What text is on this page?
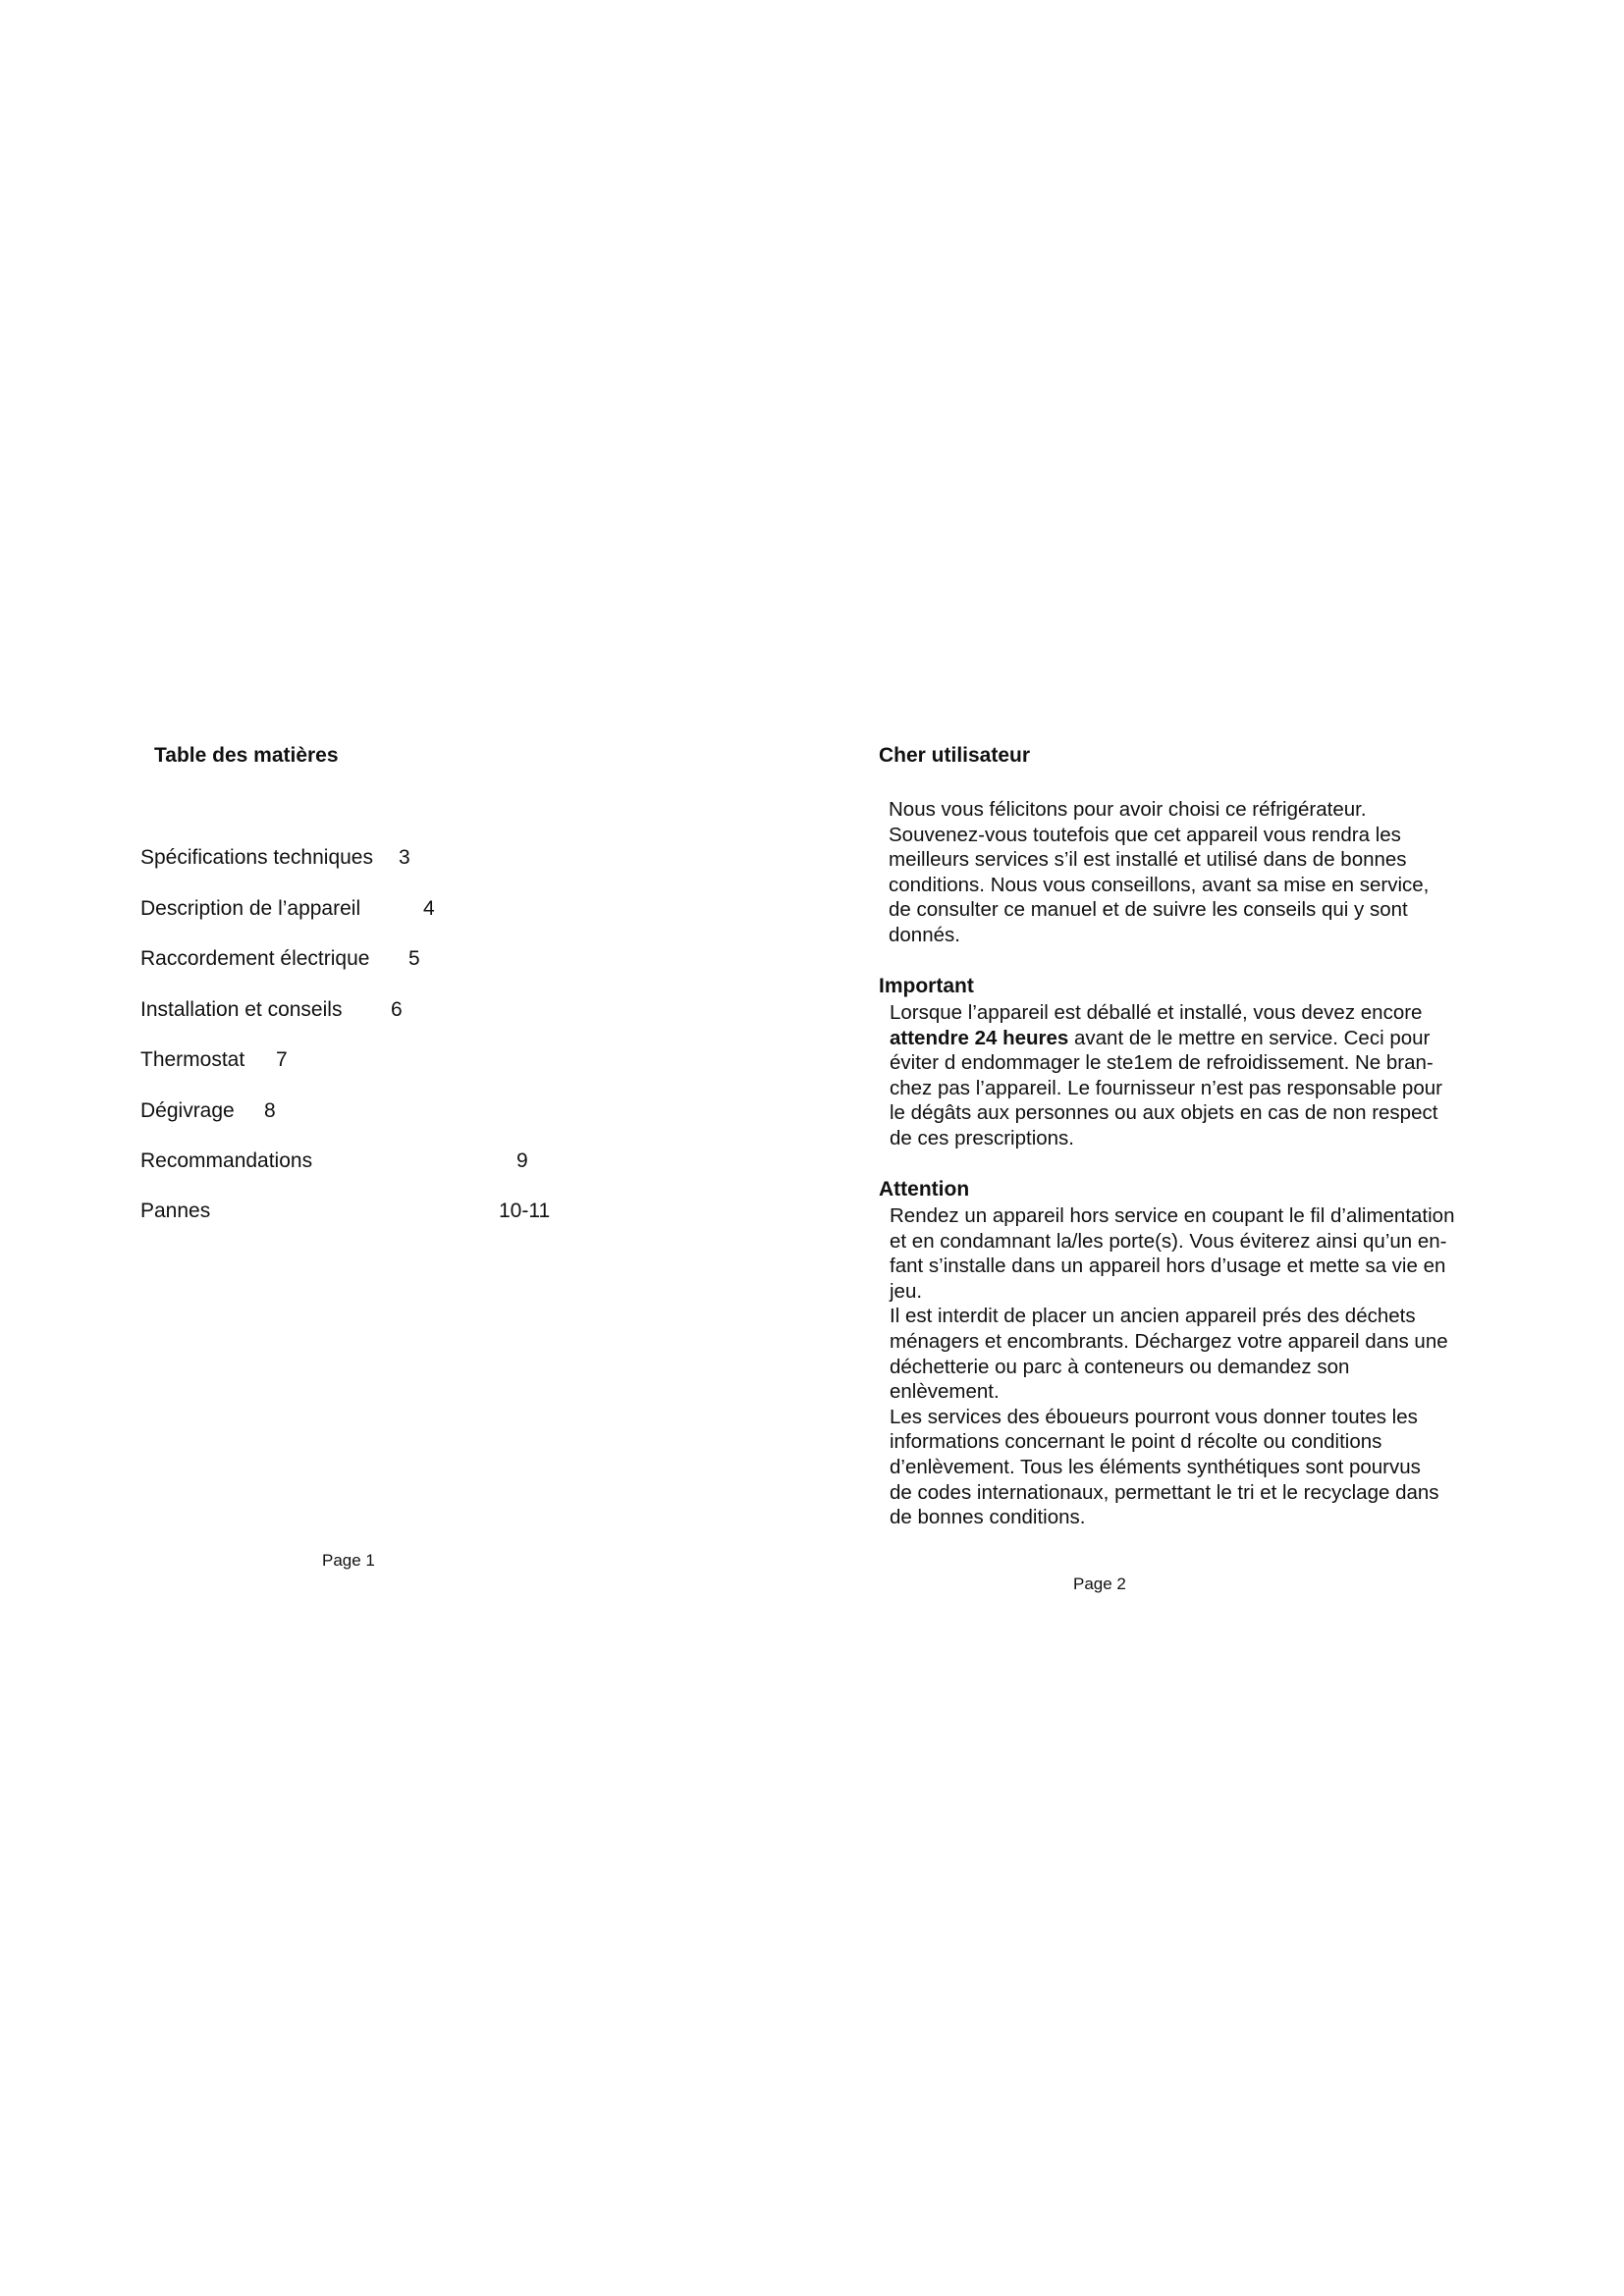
Table des matières
Spécifications techniques 3
Description de l’appareil	4
Raccordement électrique 5
Installation et conseils 6
Thermostat 7
Dégivrage 8
Recommandations	9
Pannes	10-11
Page 1
Cher utilisateur
Nous vous félicitons pour avoir choisi ce réfrigérateur.
Souvenez-vous toutefois que cet appareil vous rendra les
meilleurs services s’il est installé et utilisé dans de bonnes
conditions. Nous vous conseillons, avant sa mise en service,
de consulter ce manuel et de suivre les conseils qui y sont
donnés.
Important
Lorsque l’appareil est déballé et installé, vous devez encore
attendre 24 heures avant de le mettre en service. Ceci pour
éviter d endommager le ste1em de refroidissement. Ne bran-
chez pas l’appareil. Le fournisseur n’est pas responsable pour
le dégâts aux personnes ou aux objets en cas de non respect
de ces prescriptions.
Attention
Rendez un appareil hors service en coupant le fil d’alimentation
et en condamnant la/les porte(s). Vous éviterez ainsi qu’un en-
fant s’installe dans un appareil hors d’usage et mette sa vie en
jeu.
Il est interdit de placer un ancien appareil prés des déchets
ménagers et encombrants. Déchargez votre appareil dans une
déchetterie ou parc à conteneurs ou demandez son
enlèvement.
Les services des éboueurs pourront vous donner toutes les
informations concernant le point d récolte ou conditions
d’enlèvement. Tous les éléments synthétiques sont pourvus
de codes internationaux, permettant le tri et le recyclage dans
de bonnes conditions.
Page 2
